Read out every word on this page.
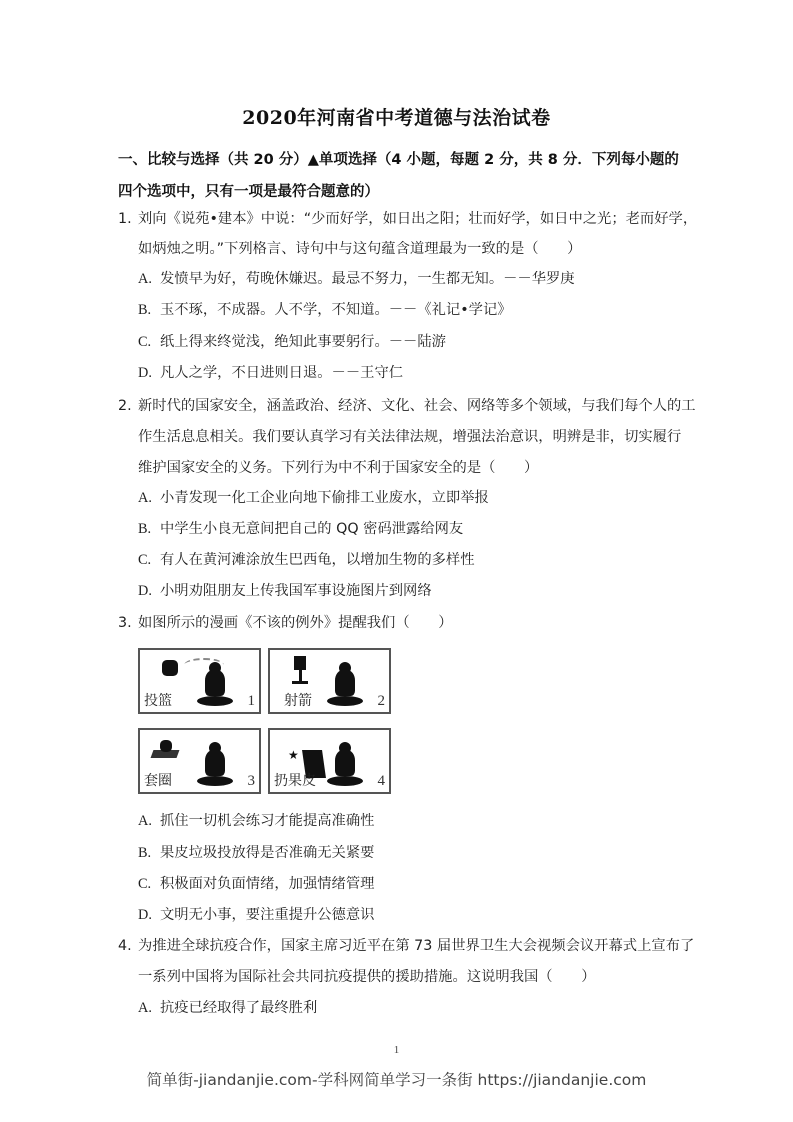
2020年河南省中考道德与法治试卷
一、比较与选择（共 20 分）▲单项选择（4 小题，每题 2 分，共 8 分．下列每小题的四个选项中，只有一项是最符合题意的）
1. 刘向《说苑•建本》中说：“少而好学，如日出之阳；壮而好学，如日中之光；老而好学，
如炳烛之明。”下列格言、诗句中与这句蕴含道理最为一致的是（　　）
A. 发愤早为好，苟晚休嫌迟。最忌不努力，一生都无知。－－华罗庚
B. 玉不琢，不成器。人不学，不知道。－－《礼记•学记》
C. 纸上得来终觉浅，绝知此事要躬行。－－陆游
D. 凡人之学，不日进则日退。－－王守仁
2. 新时代的国家安全，涵盖政治、经济、文化、社会、网络等多个领域，与我们每个人的工
作生活息息相关。我们要认真学习有关法律法规，增强法治意识，明辨是非，切实履行
维护国家安全的义务。下列行为中不利于国家安全的是（　　）
A. 小青发现一化工企业向地下偷排工业废水，立即举报
B. 中学生小良无意间把自己的 QQ 密码泄露给网友
C. 有人在黄河滩涂放生巴西龟，以增加生物的多样性
D. 小明劝阻朋友上传我国军事设施图片到网络
3. 如图所示的漫画《不该的例外》提醒我们（　　）
投篮	1 射箭	2
套圈	3
★
扔果皮	4
A. 抓住一切机会练习才能提高准确性
B. 果皮垃圾投放得是否准确无关紧要
C. 积极面对负面情绪，加强情绪管理
D. 文明无小事，要注重提升公德意识
4. 为推进全球抗疫合作，国家主席习近平在第 73 届世界卫生大会视频会议开幕式上宣布了
一系列中国将为国际社会共同抗疫提供的援助措施。这说明我国（　　）
A. 抗疫已经取得了最终胜利
1
简单街-jiandanjie.com-学科网简单学习一条街 https://jiandanjie.com
